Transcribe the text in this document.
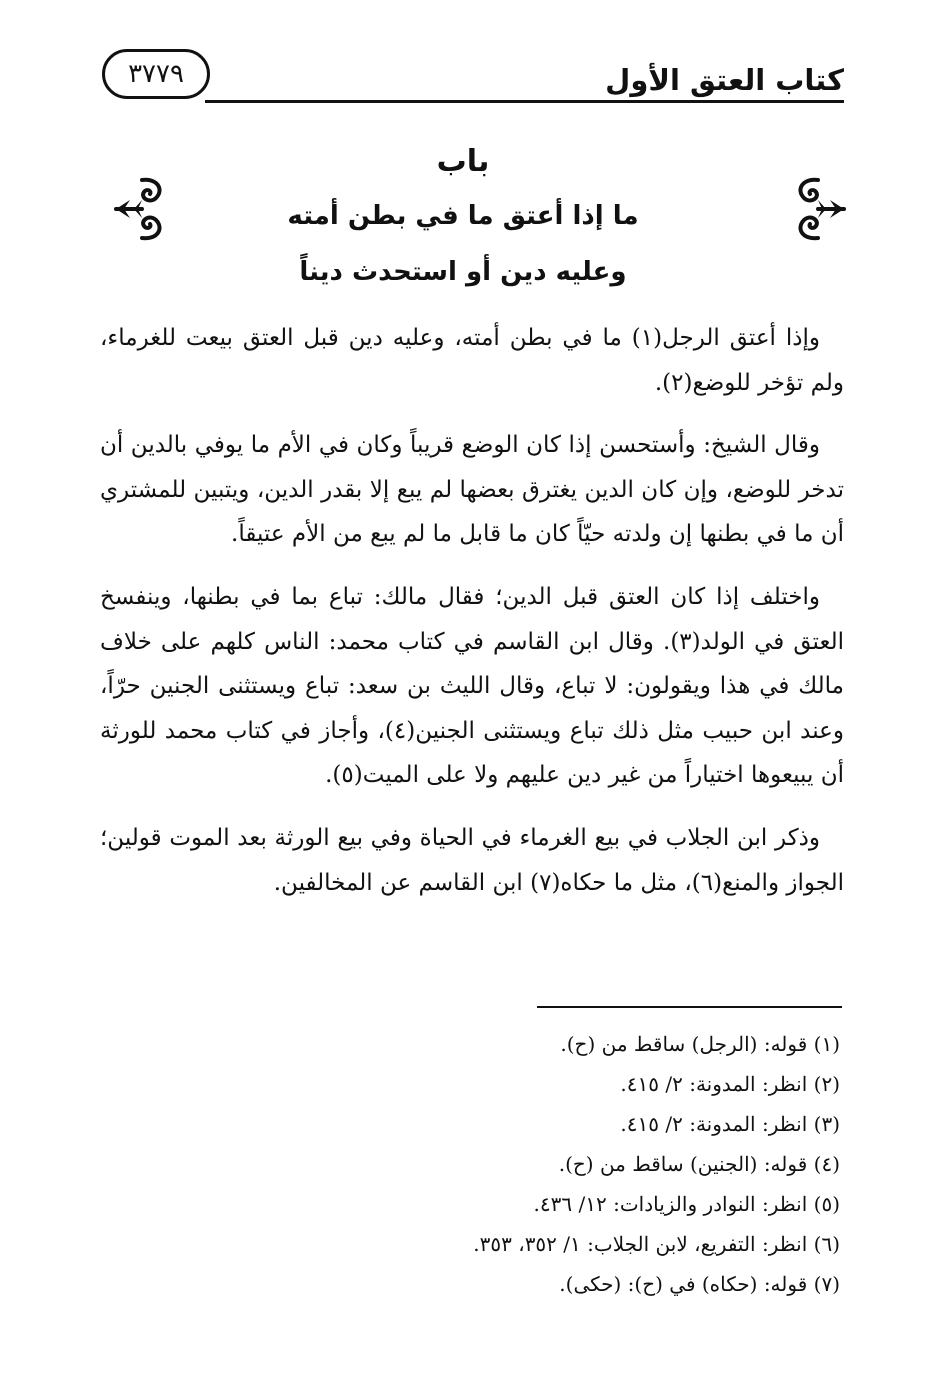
كتاب العتق الأول
٣٧٧٩
باب
ما إذا أعتق ما في بطن أمته
وعليه دين أو استحدث ديناً

وإذا أعتق الرجل(١) ما في بطن أمته، وعليه دين قبل العتق بيعت للغرماء، ولم تؤخر للوضع(٢).

وقال الشيخ: وأستحسن إذا كان الوضع قريباً وكان في الأم ما يوفي بالدين أن تدخر للوضع، وإن كان الدين يغترق بعضها لم يبع إلا بقدر الدين، ويتبين للمشتري أن ما في بطنها إن ولدته حيّاً كان ما قابل ما لم يبع من الأم عتيقاً.

واختلف إذا كان العتق قبل الدين؛ فقال مالك: تباع بما في بطنها، وينفسخ العتق في الولد(٣). وقال ابن القاسم في كتاب محمد: الناس كلهم على خلاف مالك في هذا ويقولون: لا تباع، وقال الليث بن سعد: تباع ويستثنى الجنين حرّاً، وعند ابن حبيب مثل ذلك تباع ويستثنى الجنين(٤)، وأجاز في كتاب محمد للورثة أن يبيعوها اختياراً من غير دين عليهم ولا على الميت(٥).

وذكر ابن الجلاب في بيع الغرماء في الحياة وفي بيع الورثة بعد الموت قولين؛ الجواز والمنع(٦)، مثل ما حكاه(٧) ابن القاسم عن المخالفين.

(١) قوله: (الرجل) ساقط من (ح).
(٢) انظر: المدونة: ٢/ ٤١٥.
(٣) انظر: المدونة: ٢/ ٤١٥.
(٤) قوله: (الجنين) ساقط من (ح).
(٥) انظر: النوادر والزيادات: ١٢/ ٤٣٦.
(٦) انظر: التفريع، لابن الجلاب: ١/ ٣٥٢، ٣٥٣.
(٧) قوله: (حكاه) في (ح): (حكى).
